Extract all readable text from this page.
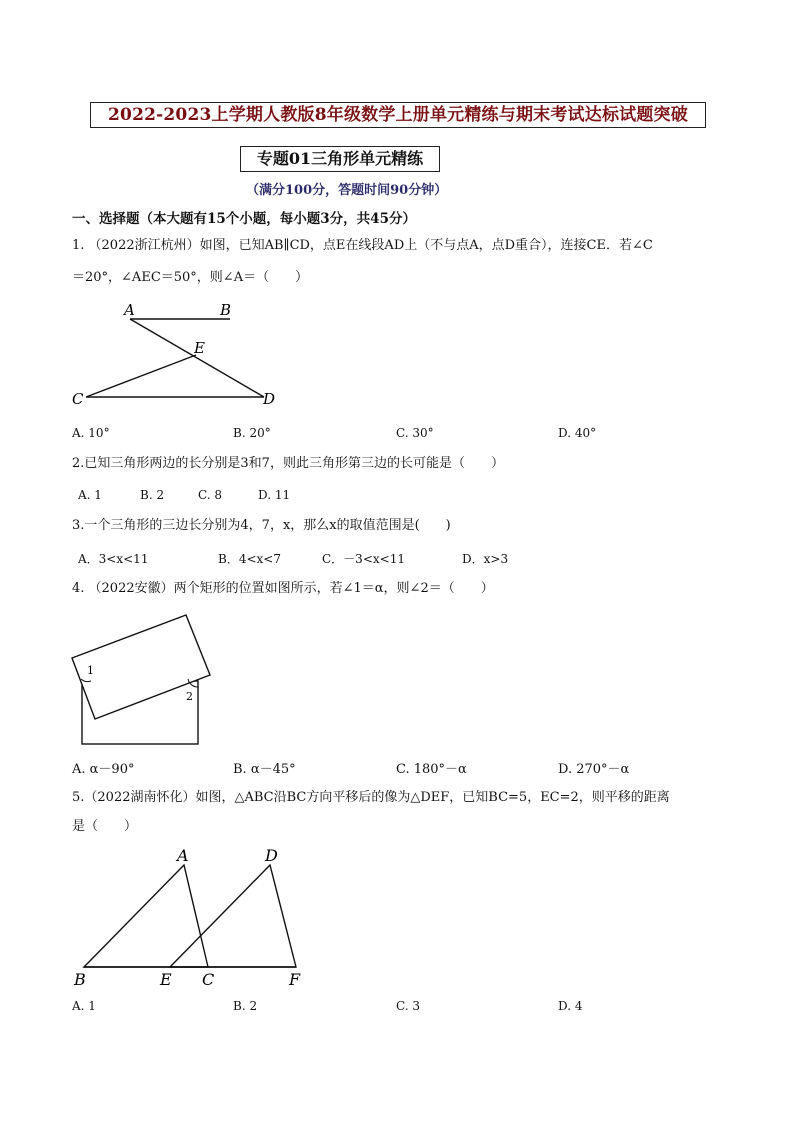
2022-2023上学期人教版8年级数学上册单元精练与期末考试达标试题突破
专题01三角形单元精练
（满分100分，答题时间90分钟）
一、选择题（本大题有15个小题，每小题3分，共45分）
1. （2022浙江杭州）如图，已知AB∥CD，点E在线段AD上（不与点A，点D重合），连接CE．若∠C
＝20°，∠AEC＝50°，则∠A＝（　　）
A	B
E
C	D
A. 10°	B. 20°	C. 30°	D. 40°
2.已知三角形两边的长分别是3和7，则此三角形第三边的长可能是（　　）
A. 1	B. 2	C. 8	D. 11
3.一个三角形的三边长分别为4，7，x，那么x的取值范围是(　　)
A．3<x<11	B．4<x<7	C．－3<x<11	D．x>3
4. （2022安徽）两个矩形的位置如图所示，若∠1＝α，则∠2＝（　　）
1
2
A. α－90°	B. α－45°	C. 180°－α	D. 270°－α
5.（2022湖南怀化）如图，△ABC沿BC方向平移后的像为△DEF，已知BC=5，EC=2，则平移的距离
是（　　）
A	D
B	E C	F
A. 1	B. 2	C. 3	D. 4
